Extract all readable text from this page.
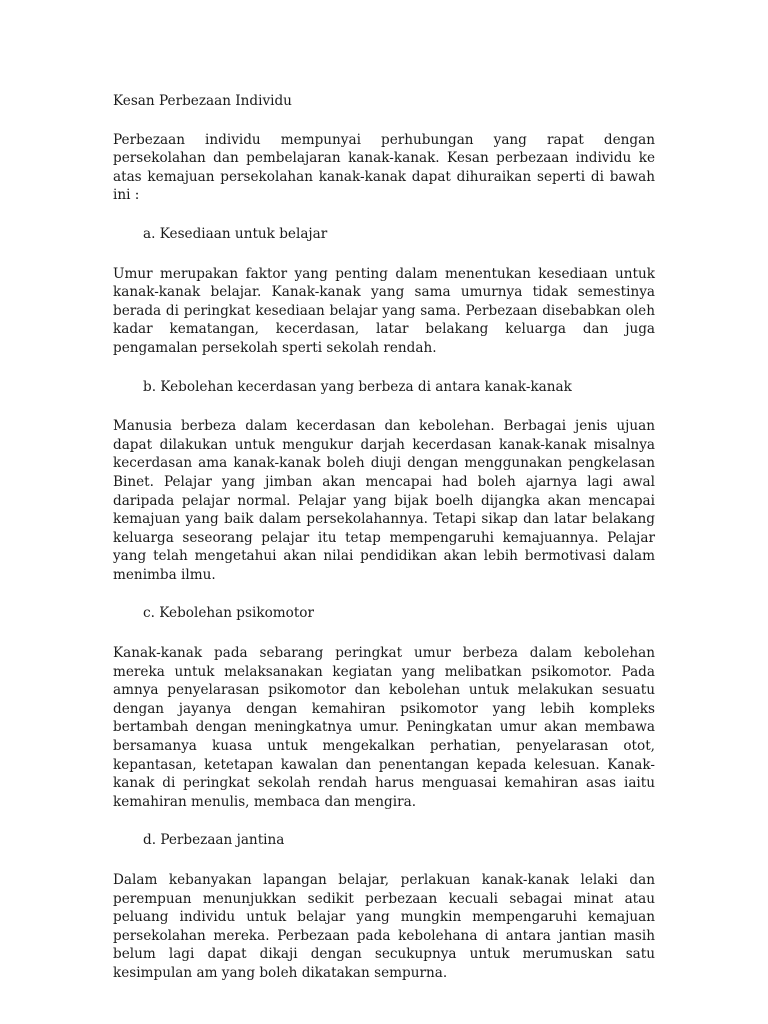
Kesan Perbezaan Individu

Perbezaan individu mempunyai perhubungan yang rapat dengan persekolahan dan pembelajaran kanak-kanak. Kesan perbezaan individu ke atas kemajuan persekolahan kanak-kanak dapat dihuraikan seperti di bawah ini :

a. Kesediaan untuk belajar

Umur merupakan faktor yang penting dalam menentukan kesediaan untuk kanak-kanak belajar. Kanak-kanak yang sama umurnya tidak semestinya berada di peringkat kesediaan belajar yang sama. Perbezaan disebabkan oleh kadar kematangan, kecerdasan, latar belakang keluarga dan juga pengamalan persekolah sperti sekolah rendah.

b. Kebolehan kecerdasan yang berbeza di antara kanak-kanak

Manusia berbeza dalam kecerdasan dan kebolehan. Berbagai jenis ujuan dapat dilakukan untuk mengukur darjah kecerdasan kanak-kanak misalnya kecerdasan ama kanak-kanak boleh diuji dengan menggunakan pengkelasan Binet. Pelajar yang jimban akan mencapai had boleh ajarnya lagi awal daripada pelajar normal. Pelajar yang bijak boelh dijangka akan mencapai kemajuan yang baik dalam persekolahannya. Tetapi sikap dan latar belakang keluarga seseorang pelajar itu tetap mempengaruhi kemajuannya. Pelajar yang telah mengetahui akan nilai pendidikan akan lebih bermotivasi dalam menimba ilmu.

c. Kebolehan psikomotor

Kanak-kanak pada sebarang peringkat umur berbeza dalam kebolehan mereka untuk melaksanakan kegiatan yang melibatkan psikomotor. Pada amnya penyelarasan psikomotor dan kebolehan untuk melakukan sesuatu dengan jayanya dengan kemahiran psikomotor yang lebih kompleks bertambah dengan meningkatnya umur. Peningkatan umur akan membawa bersamanya kuasa untuk mengekalkan perhatian, penyelarasan otot, kepantasan, ketetapan kawalan dan penentangan kepada kelesuan. Kanak-kanak di peringkat sekolah rendah harus menguasai kemahiran asas iaitu kemahiran menulis, membaca dan mengira.

d. Perbezaan jantina

Dalam kebanyakan lapangan belajar, perlakuan kanak-kanak lelaki dan perempuan menunjukkan sedikit perbezaan kecuali sebagai minat atau peluang individu untuk belajar yang mungkin mempengaruhi kemajuan persekolahan mereka. Perbezaan pada kebolehana di antara jantian masih belum lagi dapat dikaji dengan secukupnya untuk merumuskan satu kesimpulan am yang boleh dikatakan sempurna.
